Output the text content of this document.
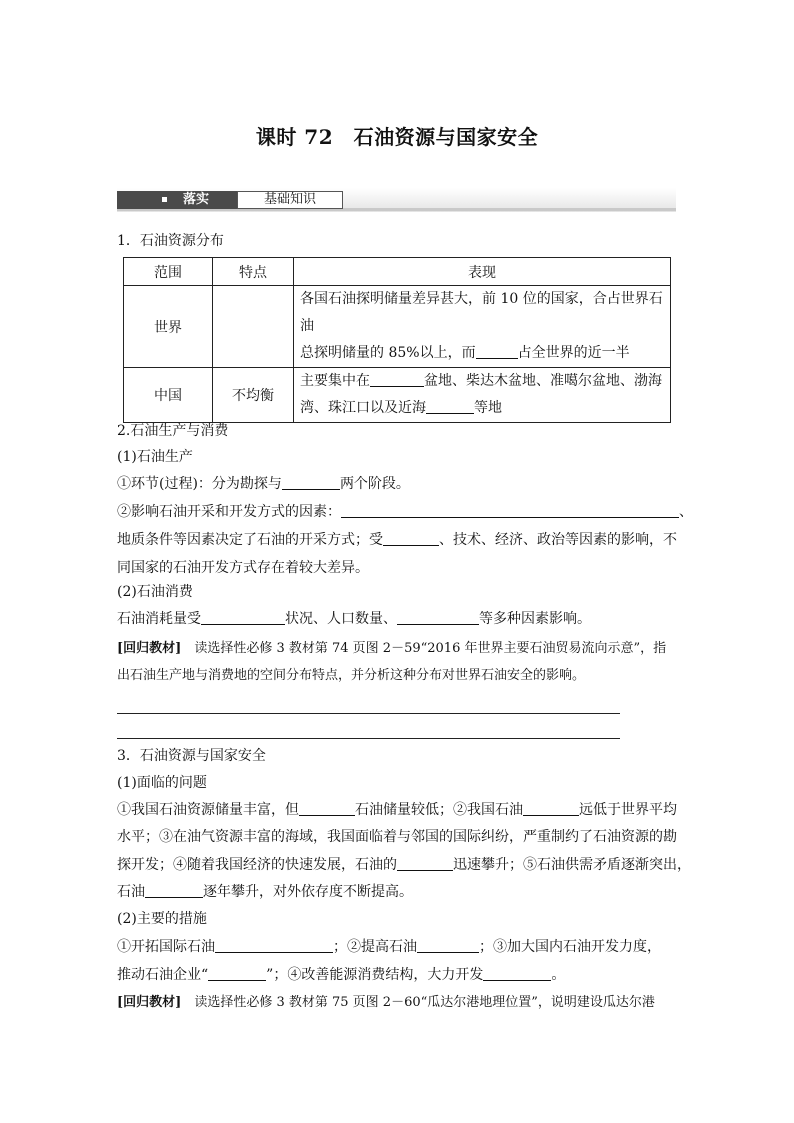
课时 72　石油资源与国家安全
落实	基础知识
1．石油资源分布
范围	特点	表现
世界		各国石油探明储量差异甚大，前 10 位的国家，合占世界石油
总探明储量的 85%以上，而 占全世界的近一半
中国	不均衡	主要集中在 盆地、柴达木盆地、准噶尔盆地、渤海
湾、珠江口以及近海 等地
2.石油生产与消费
(1)石油生产
①环节(过程)：分为勘探与	两个阶段。
②影响石油开采和开发方式的因素：	、
地质条件等因素决定了石油的开采方式；受	、技术、经济、政治等因素的影响，不
同国家的石油开发方式存在着较大差异。
(2)石油消费
石油消耗量受	状况、人口数量、	等多种因素影响。
[回归教材]　 读选择性必修 3 教材第 74 页图 2－59“2016 年世界主要石油贸易流向示意”，指
出石油生产地与消费地的空间分布特点，并分析这种分布对世界石油安全的影响。
3．石油资源与国家安全
(1)面临的问题
①我国石油资源储量丰富，但	石油储量较低；②我国石油	远低于世界平均
水平；③在油气资源丰富的海域，我国面临着与邻国的国际纠纷，严重制约了石油资源的勘
探开发；④随着我国经济的快速发展，石油的	迅速攀升；⑤石油供需矛盾逐渐突出，
石油	逐年攀升，对外依存度不断提高。
(2)主要的措施
①开拓国际石油	；②提高石油	；③加大国内石油开发力度，
推动石油企业“	”；④改善能源消费结构，大力开发	。
[回归教材]　 读选择性必修 3 教材第 75 页图 2－60“瓜达尔港地理位置”，说明建设瓜达尔港
